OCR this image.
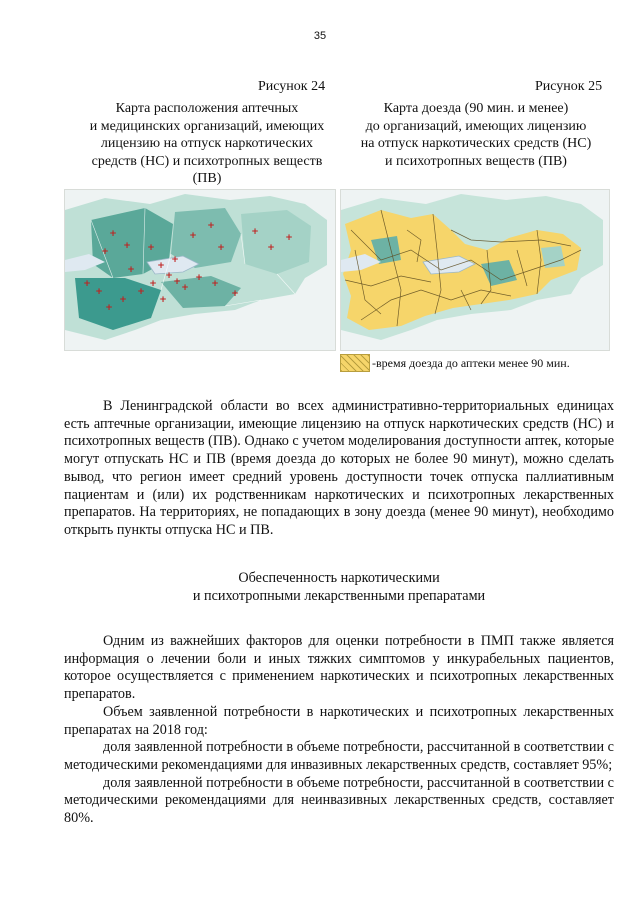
35
Рисунок 24
Карта расположения аптечных
и медицинских организаций, имеющих
лицензию на отпуск наркотических
средств (НС) и психотропных веществ
(ПВ)
+
+
+	+
+
+
+
+
+
+
+
+	+
+
+
+
+
+
+
+
+
+
+
+
+
+
Рисунок 25
Карта доезда (90 мин. и менее)
до организаций, имеющих лицензию
на отпуск наркотических средств (НС)
и психотропных веществ (ПВ)
-время доезда до аптеки менее 90 мин.

В Ленинградской области во всех административно-территориальных единицах есть аптечные организации, имеющие лицензию на отпуск наркотических средств (НС) и психотропных веществ (ПВ). Однако с учетом моделирования доступности аптек, которые могут отпускать НС и ПВ (время доезда до которых не более 90 минут), можно сделать вывод, что регион имеет средний уровень доступности точек отпуска паллиативным пациентам и (или) их родственникам наркотических и психотропных лекарственных препаратов. На территориях, не попадающих в зону доезда (менее 90 минут), необходимо открыть пункты отпуска НС и ПВ.

Обеспеченность наркотическими
и психотропными лекарственными препаратами

Одним из важнейших факторов для оценки потребности в ПМП также является информация о лечении боли и иных тяжких симптомов у инкурабельных пациентов, которое осуществляется с применением наркотических и психотропных лекарственных препаратов.

Объем заявленной потребности в наркотических и психотропных лекарственных препаратах на 2018 год:

доля заявленной потребности в объеме потребности, рассчитанной в соответствии с методическими рекомендациями для инвазивных лекарственных средств, составляет 95%;

доля заявленной потребности в объеме потребности, рассчитанной в соответствии с методическими рекомендациями для неинвазивных лекарственных средств, составляет 80%.
